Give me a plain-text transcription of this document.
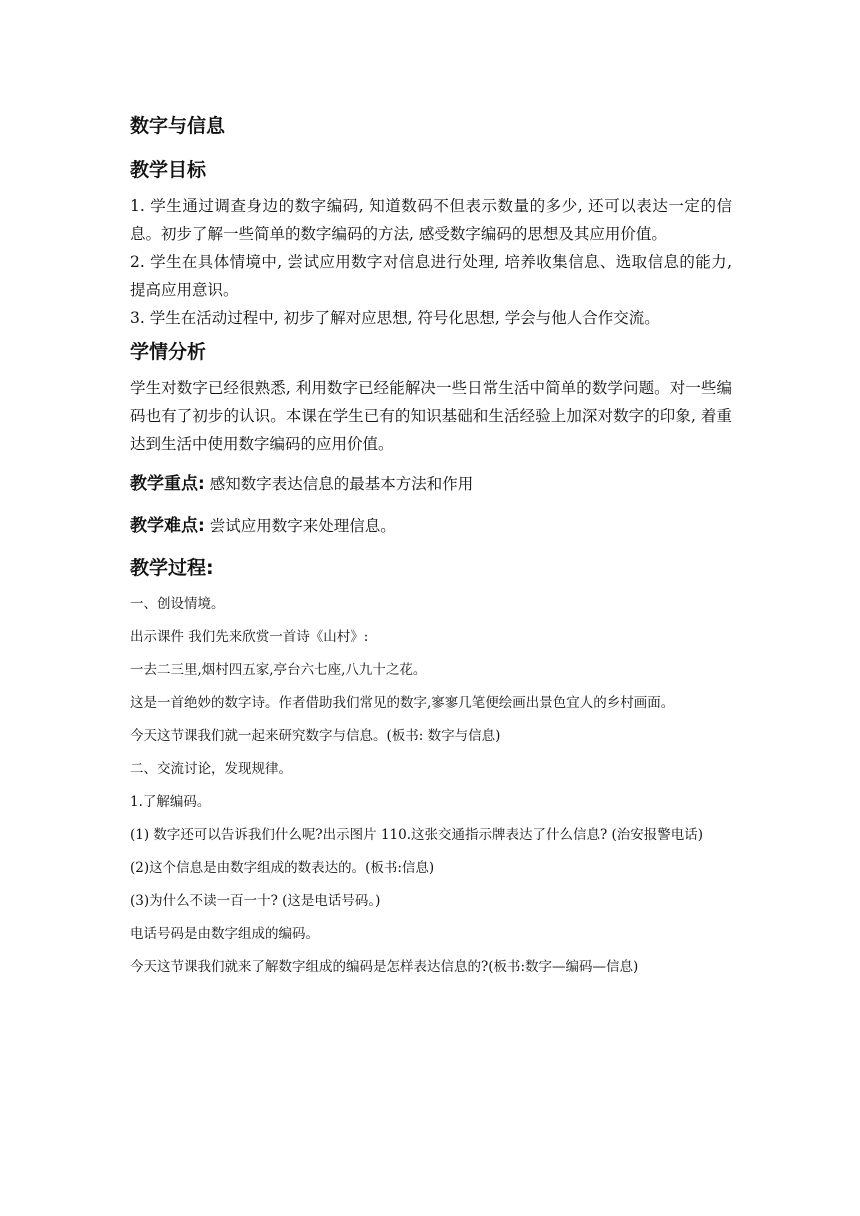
数字与信息
教学目标

1. 学生通过调查身边的数字编码, 知道数码不但表示数量的多少, 还可以表达一定的信息。初步了解一些简单的数字编码的方法, 感受数字编码的思想及其应用价值。

2. 学生在具体情境中, 尝试应用数字对信息进行处理, 培养收集信息、选取信息的能力, 提高应用意识。

3. 学生在活动过程中, 初步了解对应思想, 符号化思想, 学会与他人合作交流。

学情分析

学生对数字已经很熟悉, 利用数字已经能解决一些日常生活中简单的数学问题。对一些编码也有了初步的认识。本课在学生已有的知识基础和生活经验上加深对数字的印象, 着重达到生活中使用数字编码的应用价值。

教学重点: 感知数字表达信息的最基本方法和作用
教学难点: 尝试应用数字来处理信息。
教学过程:

一、创设情境。

出示课件 我们先来欣赏一首诗《山村》:

一去二三里,烟村四五家,亭台六七座,八九十之花。

这是一首绝妙的数字诗。作者借助我们常见的数字,寥寥几笔便绘画出景色宜人的乡村画面。

今天这节课我们就一起来研究数字与信息。(板书: 数字与信息)

二、交流讨论，发现规律。

1.了解编码。

(1) 数字还可以告诉我们什么呢?出示图片 110.这张交通指示牌表达了什么信息? (治安报警电话)

(2)这个信息是由数字组成的数表达的。(板书:信息)

(3)为什么不读一百一十? (这是电话号码。)

电话号码是由数字组成的编码。

今天这节课我们就来了解数字组成的编码是怎样表达信息的?(板书:数字—编码—信息)
